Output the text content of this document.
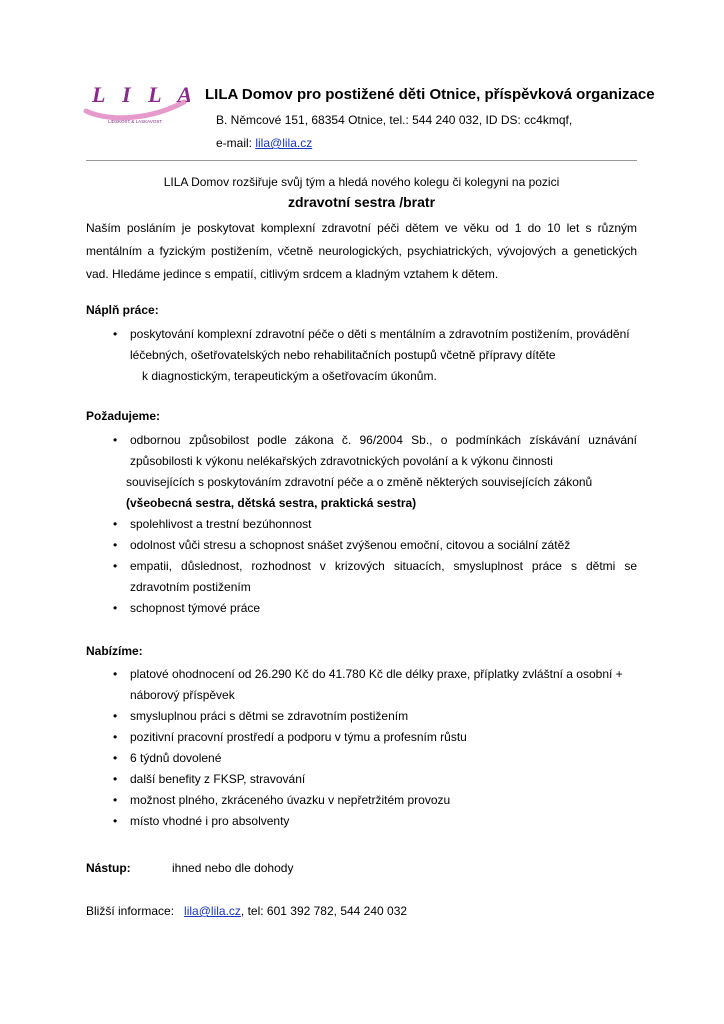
L I L A
LIDSKOST & LASKAVOST
LILA Domov pro postižené děti Otnice, příspěvková organizace
B. Němcové 151, 68354 Otnice, tel.: 544 240 032, ID DS: cc4kmqf,
e-mail: lila@lila.cz
LILA Domov rozšiřuje svůj tým a hledá nového kolegu či kolegyni na pozici
zdravotní sestra /bratr
Naším posláním je poskytovat komplexní zdravotní péči dětem ve věku od 1 do 10 let s různým mentálním a fyzickým postižením, včetně neurologických, psychiatrických, vývojových a genetických vad. Hledáme jedince s empatií, citlivým srdcem a kladným vztahem k dětem.
Náplň práce:
• poskytování komplexní zdravotní péče o děti s mentálním a zdravotním postižením, provádění
léčebných, ošetřovatelských nebo rehabilitačních postupů včetně přípravy dítěte
k diagnostickým, terapeutickým a ošetřovacím úkonům.
Požadujeme:
• odbornou způsobilost podle zákona č. 96/2004 Sb., o podmínkách získávání uznávání
způsobilosti k výkonu nelékařských zdravotnických povolání a k výkonu činnosti
souvisejících s poskytováním zdravotní péče a o změně některých souvisejících zákonů
(všeobecná sestra, dětská sestra, praktická sestra)
• spolehlivost a trestní bezúhonnost
• odolnost vůči stresu a schopnost snášet zvýšenou emoční, citovou a sociální zátěž
• empatii, důslednost, rozhodnost v krizových situacích, smysluplnost práce s dětmi se zdravotním postižením
• schopnost týmové práce
Nabízíme:
• platové ohodnocení od 26.290 Kč do 41.780 Kč dle délky praxe, příplatky zvláštní a osobní + náborový příspěvek
• smysluplnou práci s dětmi se zdravotním postižením
• pozitivní pracovní prostředí a podporu v týmu a profesním růstu
• 6 týdnů dovolené
• další benefity z FKSP, stravování
• možnost plného, zkráceného úvazku v nepřetržitém provozu
• místo vhodné i pro absolventy
Nástup:	ihned nebo dle dohody
Bližší informace: lila@lila.cz, tel: 601 392 782, 544 240 032
